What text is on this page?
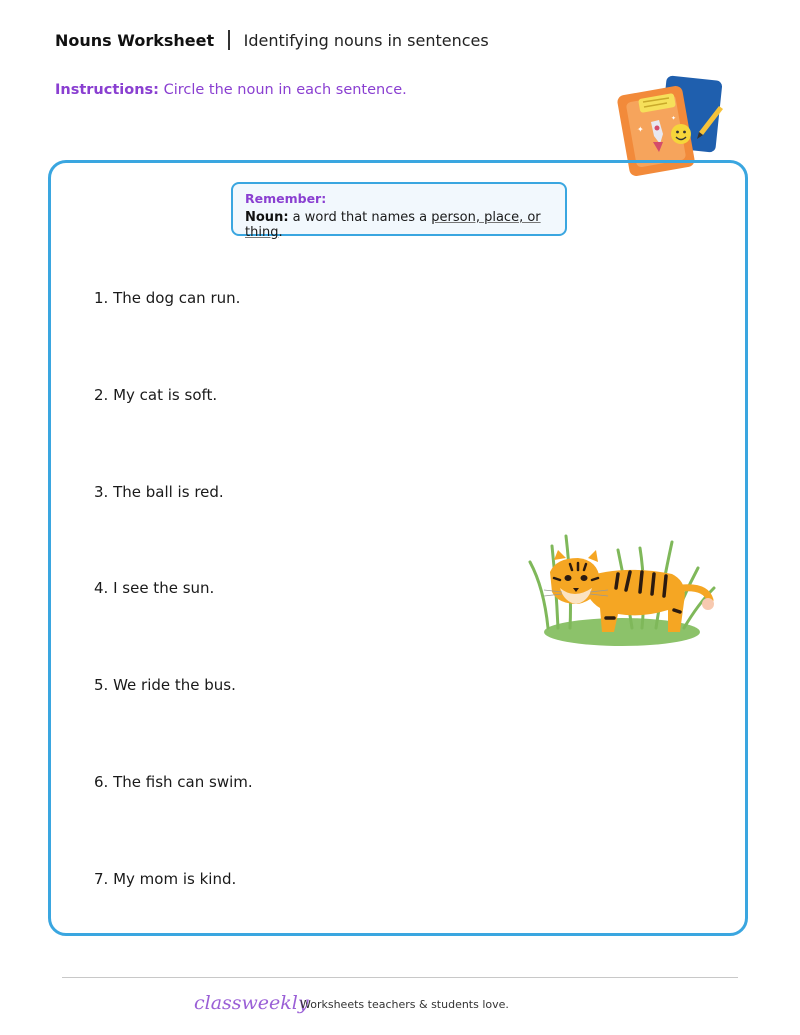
Nouns Worksheet Identifying nouns in sentences
Instructions: Circle the noun in each sentence.
✦
✦
Remember:
Noun: a word that names a person, place, or thing.
1. The dog can run.
2. My cat is soft.
3. The ball is red.
4. I see the sun.
5. We ride the bus.
6. The fish can swim.
7. My mom is kind.
classweekly
Worksheets teachers & students love.
